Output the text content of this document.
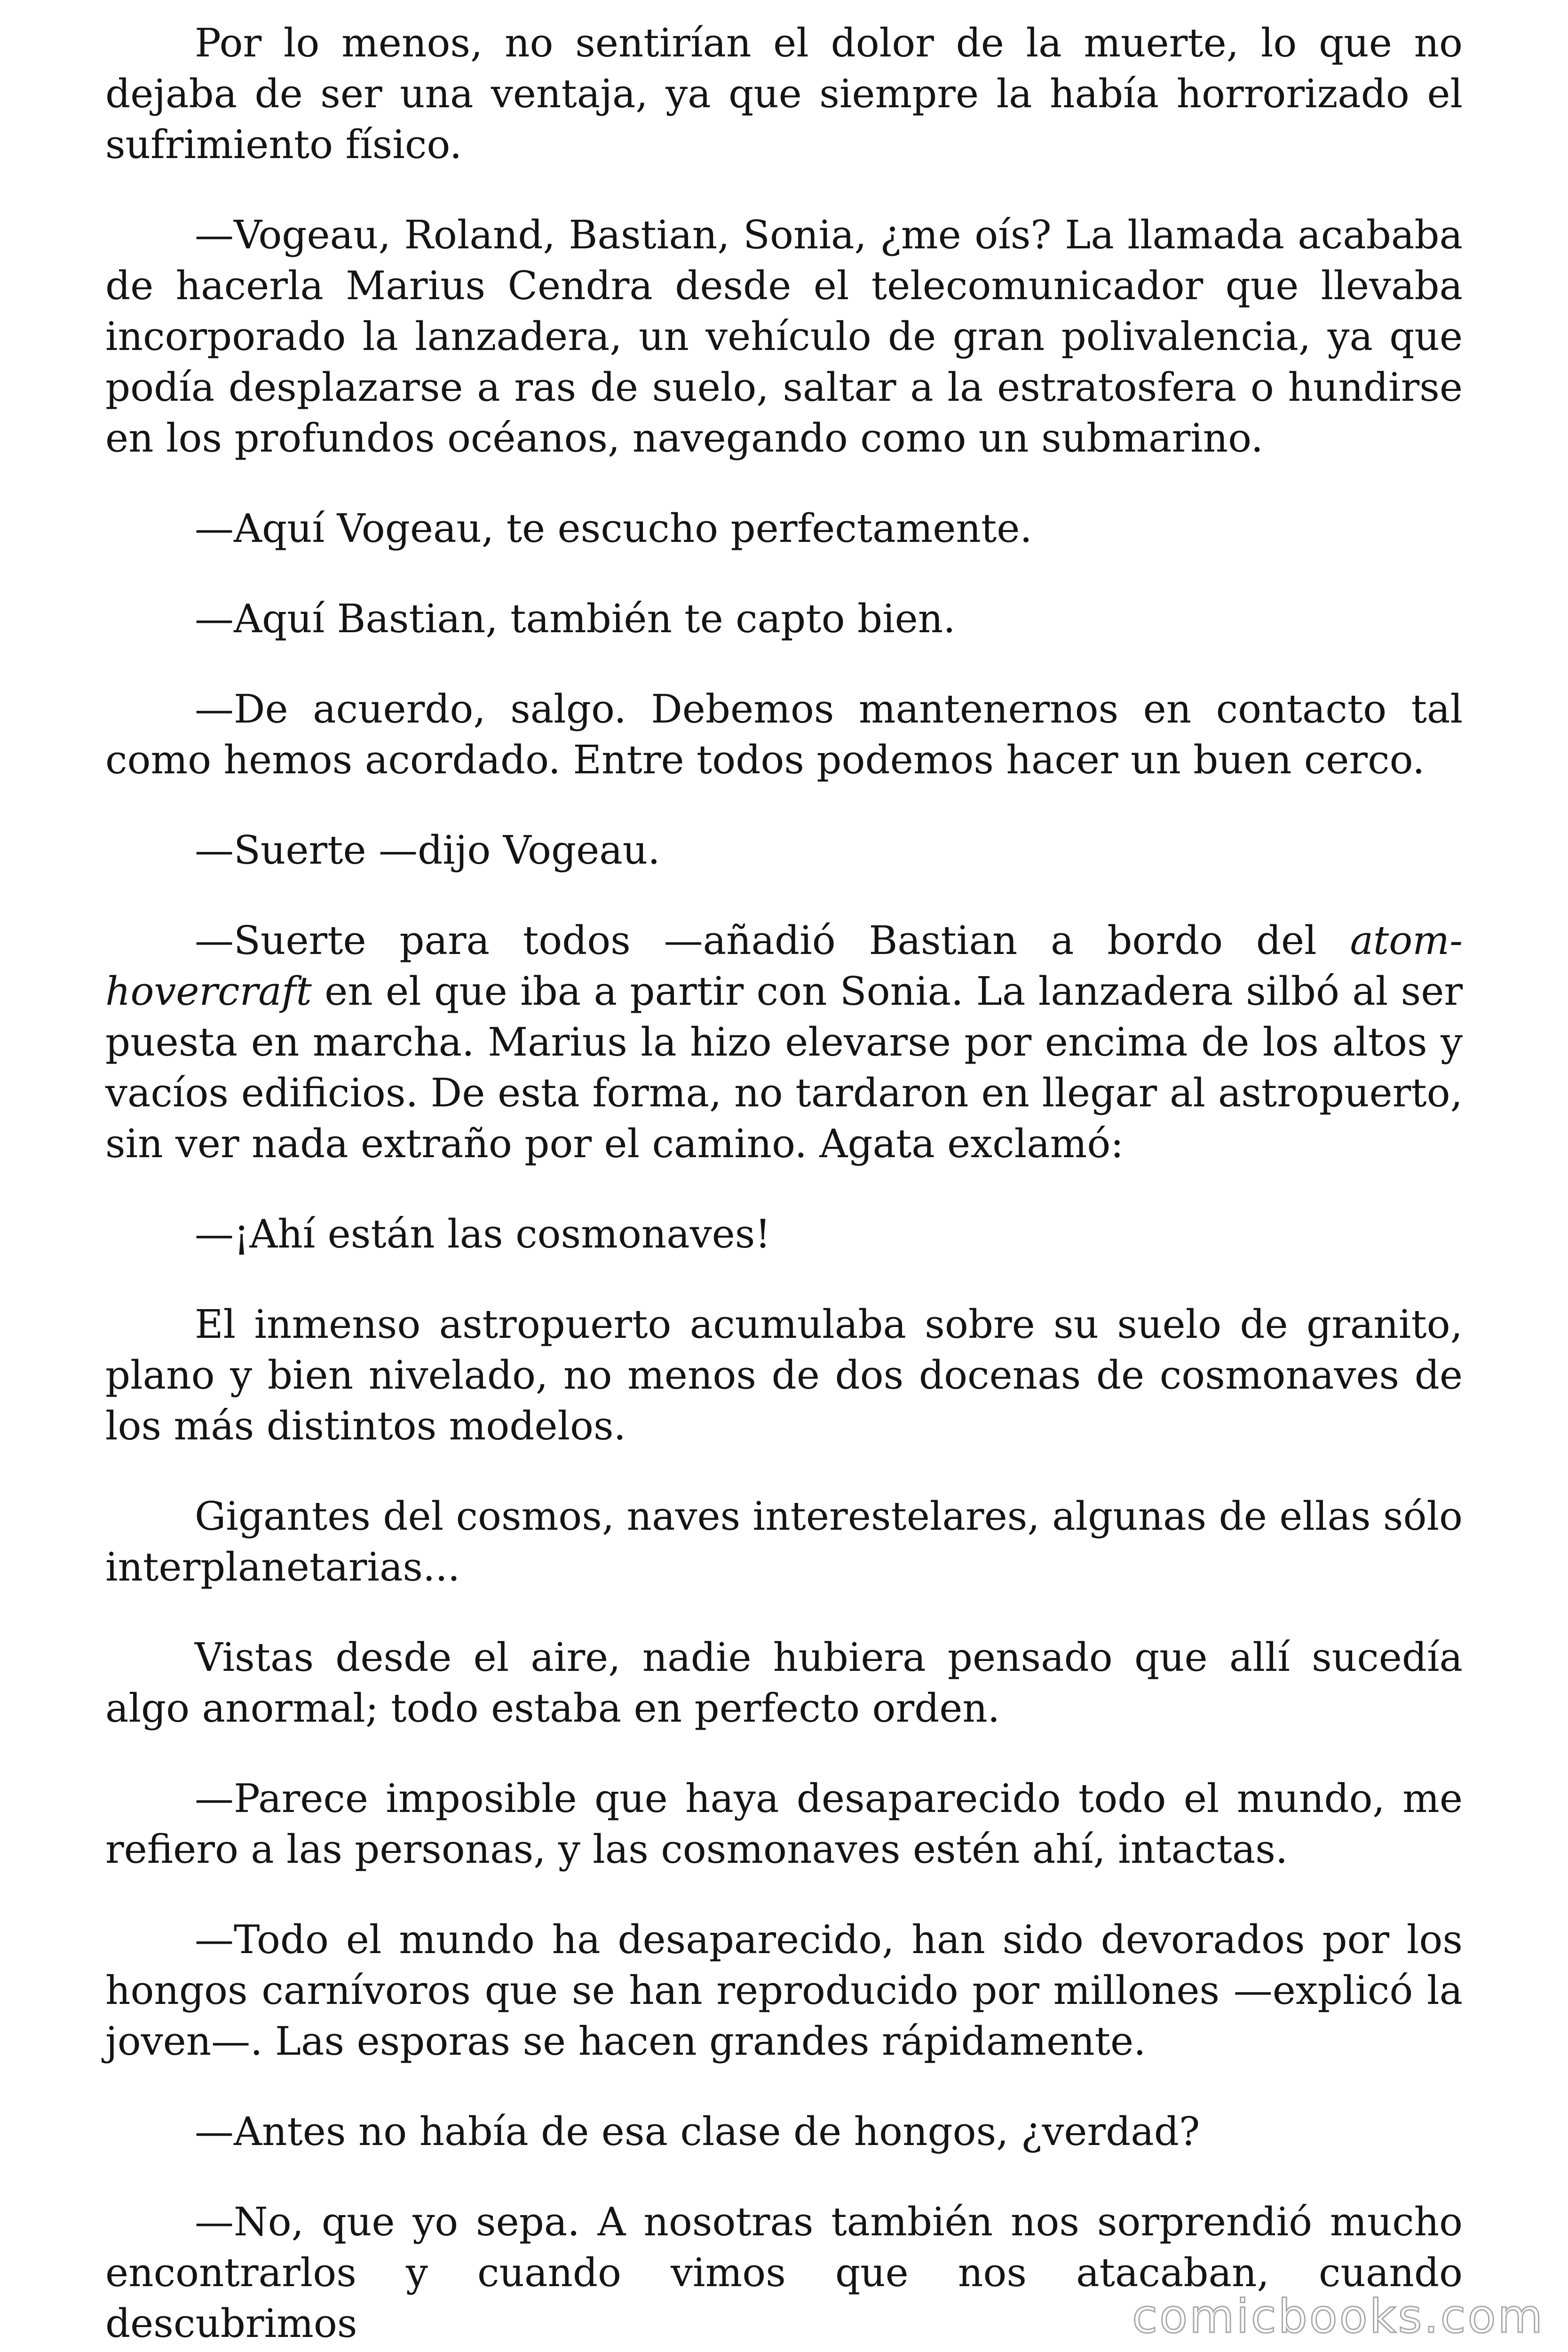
Por lo menos, no sentirían el dolor de la muerte, lo que no dejaba de ser una ventaja, ya que siempre la había horrorizado el sufrimiento físico.

—Vogeau, Roland, Bastian, Sonia, ¿me oís? La llamada acababa de hacerla Marius Cendra desde el telecomunicador que llevaba incorporado la lanzadera, un vehículo de gran polivalencia, ya que podía desplazarse a ras de suelo, saltar a la estratosfera o hundirse en los profundos océanos, navegando como un submarino.

—Aquí Vogeau, te escucho perfectamente.

—Aquí Bastian, también te capto bien.

—De acuerdo, salgo. Debemos mantenernos en contacto tal como hemos acordado. Entre todos podemos hacer un buen cerco.

—Suerte —dijo Vogeau.

—Suerte para todos —añadió Bastian a bordo del atom-hovercraft en el que iba a partir con Sonia. La lanzadera silbó al ser puesta en marcha. Marius la hizo elevarse por encima de los altos y vacíos edificios. De esta forma, no tardaron en llegar al astropuerto, sin ver nada extraño por el camino. Agata exclamó:

—¡Ahí están las cosmonaves!

El inmenso astropuerto acumulaba sobre su suelo de granito, plano y bien nivelado, no menos de dos docenas de cosmonaves de los más distintos modelos.

Gigantes del cosmos, naves interestelares, algunas de ellas sólo interplanetarias...

Vistas desde el aire, nadie hubiera pensado que allí sucedía algo anormal; todo estaba en perfecto orden.

—Parece imposible que haya desaparecido todo el mundo, me refiero a las personas, y las cosmonaves estén ahí, intactas.

—Todo el mundo ha desaparecido, han sido devorados por los hongos carnívoros que se han reproducido por millones —explicó la joven—. Las esporas se hacen grandes rápidamente.

—Antes no había de esa clase de hongos, ¿verdad?

—No, que yo sepa. A nosotras también nos sorprendió mucho encontrarlos y cuando vimos que nos atacaban, cuando descubrimos	comicbooks.com
